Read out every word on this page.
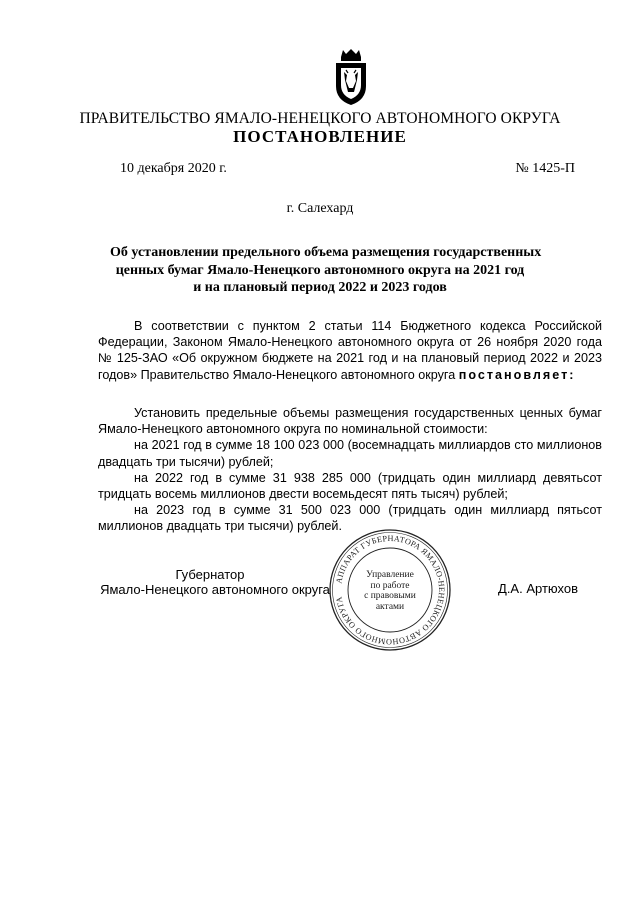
ПРАВИТЕЛЬСТВО ЯМАЛО-НЕНЕЦКОГО АВТОНОМНОГО ОКРУГА
ПОСТАНОВЛЕНИЕ
10 декабря 2020 г.	№ 1425-П
г. Салехард
Об установлении предельного объема размещения государственных
ценных бумаг Ямало-Ненецкого автономного округа на 2021 год
и на плановый период 2022 и 2023 годов

В соответствии с пунктом 2 статьи 114 Бюджетного кодекса Российской Федерации, Законом Ямало-Ненецкого автономного округа от 26 ноября 2020 года № 125-ЗАО «Об окружном бюджете на 2021 год и на плановый период 2022 и 2023 годов» Правительство Ямало-Ненецкого автономного округа постановляет:

Установить предельные объемы размещения государственных ценных бумаг Ямало-Ненецкого автономного округа по номинальной стоимости:

на 2021 год в сумме 18 100 023 000 (восемнадцать миллиардов сто миллионов двадцать три тысячи) рублей;

на 2022 год в сумме 31 938 285 000 (тридцать один миллиард девятьсот тридцать восемь миллионов двести восемьдесят пять тысяч) рублей;

на 2023 год в сумме 31 500 023 000 (тридцать один миллиард пятьсот миллионов двадцать три тысячи) рублей.

Губернатор
Ямало-Ненецкого автономного округа	Д.А. Артюхов
АППАРАТ ГУБЕРНАТОРА ЯМАЛО-НЕНЕЦКОГО АВТОНОМНОГО ОКРУГА
Управление
по работе
с правовыми
актами
